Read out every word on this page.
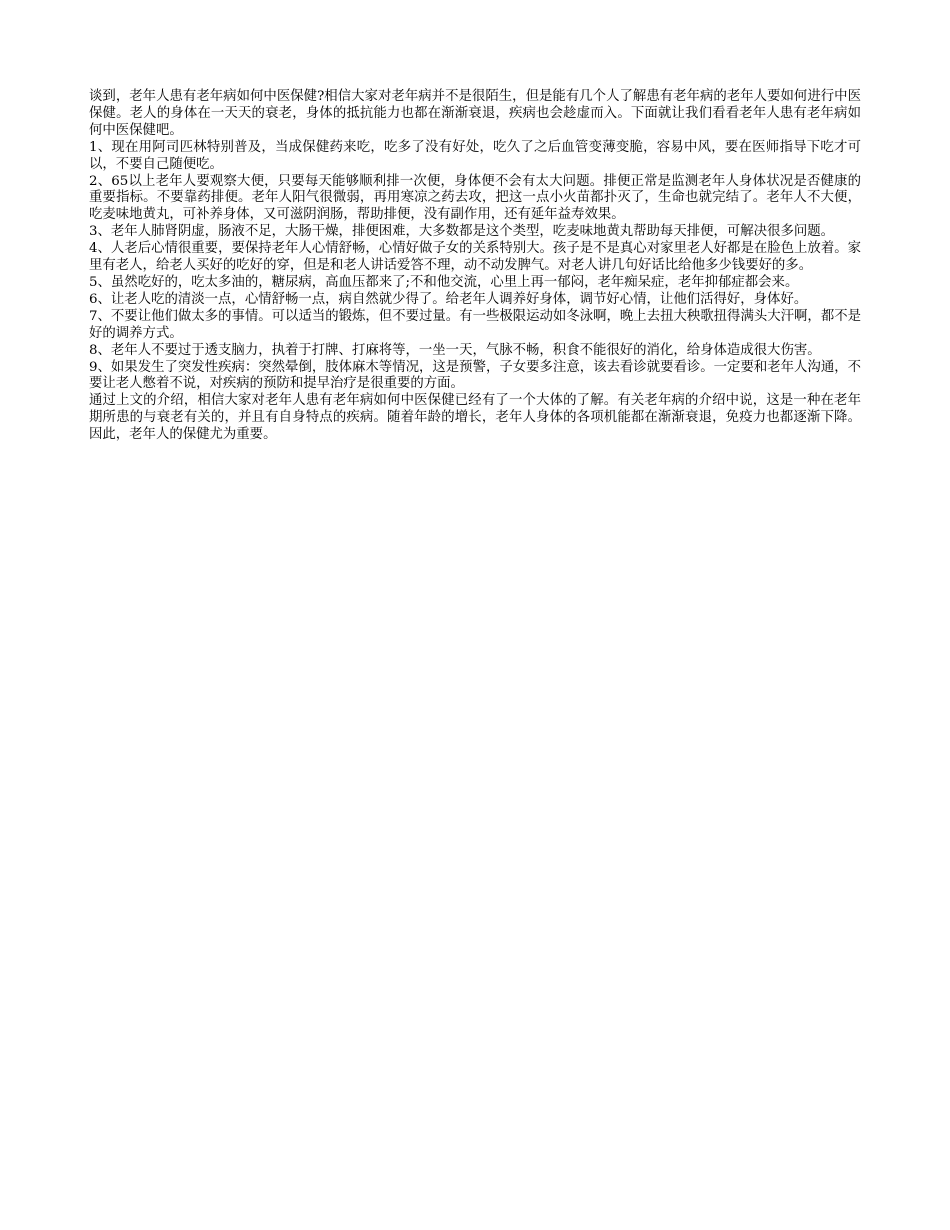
谈到，老年人患有老年病如何中医保健?相信大家对老年病并不是很陌生，但是能有几个人了解患有老年病的老年人要如何进行中医保健。老人的身体在一天天的衰老，身体的抵抗能力也都在渐渐衰退，疾病也会趁虚而入。下面就让我们看看老年人患有老年病如何中医保健吧。

1、现在用阿司匹林特别普及，当成保健药来吃，吃多了没有好处，吃久了之后血管变薄变脆，容易中风，要在医师指导下吃才可以，不要自己随便吃。

2、65以上老年人要观察大便，只要每天能够顺利排一次便，身体便不会有太大问题。排便正常是监测老年人身体状况是否健康的重要指标。不要靠药排便。老年人阳气很微弱，再用寒凉之药去攻，把这一点小火苗都扑灭了，生命也就完结了。老年人不大便，吃麦味地黄丸，可补养身体，又可滋阴润肠，帮助排便，没有副作用，还有延年益寿效果。

3、老年人肺肾阴虚，肠液不足，大肠干燥，排便困难，大多数都是这个类型，吃麦味地黄丸帮助每天排便，可解决很多问题。

4、人老后心情很重要，要保持老年人心情舒畅，心情好做子女的关系特别大。孩子是不是真心对家里老人好都是在脸色上放着。家里有老人，给老人买好的吃好的穿，但是和老人讲话爱答不理，动不动发脾气。对老人讲几句好话比给他多少钱要好的多。

5、虽然吃好的，吃太多油的，糖尿病，高血压都来了;不和他交流，心里上再一郁闷，老年痴呆症，老年抑郁症都会来。

6、让老人吃的清淡一点，心情舒畅一点，病自然就少得了。给老年人调养好身体，调节好心情，让他们活得好，身体好。

7、不要让他们做太多的事情。可以适当的锻炼，但不要过量。有一些极限运动如冬泳啊，晚上去扭大秧歌扭得满头大汗啊，都不是好的调养方式。

8、老年人不要过于透支脑力，执着于打牌、打麻将等，一坐一天，气脉不畅，积食不能很好的消化，给身体造成很大伤害。

9、如果发生了突发性疾病：突然晕倒，肢体麻木等情况，这是预警，子女要多注意，该去看诊就要看诊。一定要和老年人沟通，不要让老人憋着不说，对疾病的预防和提早治疗是很重要的方面。

通过上文的介绍，相信大家对老年人患有老年病如何中医保健已经有了一个大体的了解。有关老年病的介绍中说，这是一种在老年期所患的与衰老有关的，并且有自身特点的疾病。随着年龄的增长，老年人身体的各项机能都在渐渐衰退，免疫力也都逐渐下降。因此，老年人的保健尤为重要。
